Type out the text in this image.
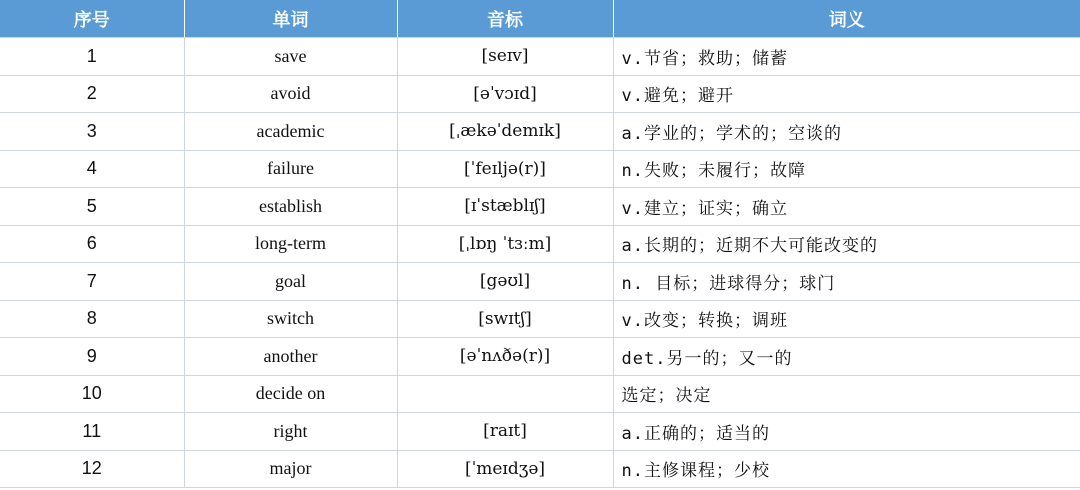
序号	单词	音标	词义
1	save	[seɪv]	v.节省；救助；储蓄
2	avoid	[əˈvɔɪd]	v.避免；避开
3	academic	[ˌækəˈdemɪk]	a.学业的；学术的；空谈的
4	failure	[ˈfeɪljə(r)]	n.失败；未履行；故障
5	establish	[ɪˈstæblɪʃ]	v.建立；证实；确立
6	long-term	[ˌlɒŋ ˈtɜːm]	a.长期的；近期不大可能改变的
7	goal	[gəʊl]	n. 目标；进球得分；球门
8	switch	[swɪtʃ]	v.改变；转换；调班
9	another	[əˈnʌðə(r)]	det.另一的；又一的
10	decide on		选定；决定
11	right	[raɪt]	a.正确的；适当的
12	major	[ˈmeɪdʒə]	n.主修课程；少校
